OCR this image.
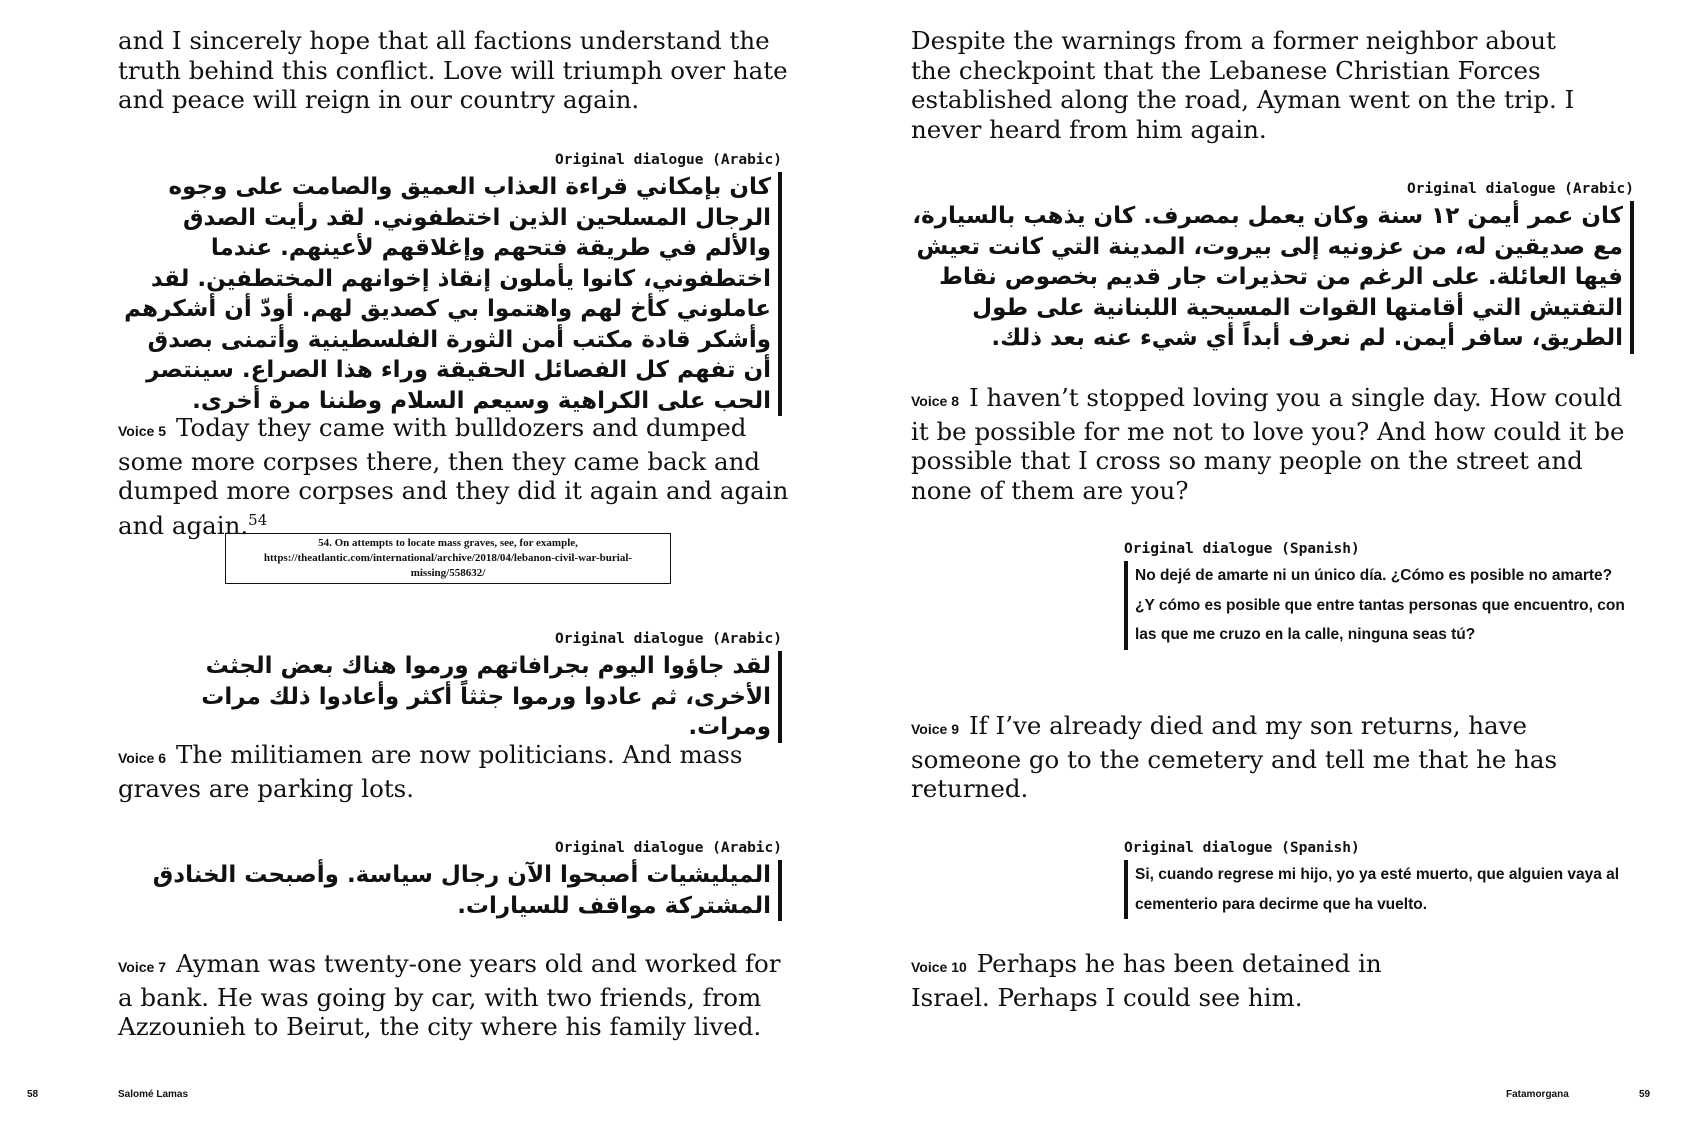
and I sincerely hope that all factions understand the truth behind this conflict. Love will triumph over hate and peace will reign in our country again.

Original dialogue (Arabic)

كان بإمكاني قراءة العذاب العميق والصامت على وجوه الرجال المسلحين الذين اختطفوني. لقد رأيت الصدق والألم في طريقة فتحهم وإغلاقهم لأعينهم. عندما اختطفوني، كانوا يأملون إنقاذ إخوانهم المختطفين. لقد عاملوني كأخ لهم واهتموا بي كصديق لهم. أودّ أن أشكرهم وأشكر قادة مكتب أمن الثورة الفلسطينية وأتمنى بصدق أن تفهم كل الفصائل الحقيقة وراء هذا الصراع. سينتصر الحب على الكراهية وسيعم السلام وطننا مرة أخرى.

Voice 5 Today they came with bulldozers and dumped some more corpses there, then they came back and dumped more corpses and they did it again and again and again.$^{54}$

54. On attempts to locate mass graves, see, for example, https://theatlantic.com/international/archive/2018/04/lebanon-civil-war-burial-missing/558632/

Original dialogue (Arabic)

لقد جاؤوا اليوم بجرافاتهم ورموا هناك بعض الجثث الأخرى، ثم عادوا ورموا جثثاً أكثر وأعادوا ذلك مرات ومرات.

Voice 6 The militiamen are now politicians. And mass graves are parking lots.

Original dialogue (Arabic)

الميليشيات أصبحوا الآن رجال سياسة. وأصبحت الخنادق المشتركة مواقف للسيارات.

Voice 7 Ayman was twenty-one years old and worked for a bank. He was going by car, with two friends, from Azzounieh to Beirut, the city where his family lived.

58	Salomé Lamas

Despite the warnings from a former neighbor about the checkpoint that the Lebanese Christian Forces established along the road, Ayman went on the trip. I never heard from him again.

Original dialogue (Arabic)

كان عمر أيمن ١٢ سنة وكان يعمل بمصرف. كان يذهب بالسيارة، مع صديقين له، من عزونيه إلى بيروت، المدينة التي كانت تعيش فيها العائلة. على الرغم من تحذيرات جار قديم بخصوص نقاط التفتيش التي أقامتها القوات المسيحية اللبنانية على طول الطريق، سافر أيمن. لم نعرف أبداً أي شيء عنه بعد ذلك.

Voice 8 I haven’t stopped loving you a single day. How could it be possible for me not to love you? And how could it be possible that I cross so many people on the street and none of them are you?

Original dialogue (Spanish)

No dejé de amarte ni un único día. ¿Cómo es posible no amarte? ¿Y cómo es posible que entre tantas personas que encuentro, con las que me cruzo en la calle, ninguna seas tú?

Voice 9 If I’ve already died and my son returns, have someone go to the cemetery and tell me that he has returned.

Original dialogue (Spanish)

Si, cuando regrese mi hijo, yo ya esté muerto, que alguien vaya al cementerio para decirme que ha vuelto.

Voice 10 Perhaps he has been detained in Israel. Perhaps I could see him.

Fatamorgana	59
